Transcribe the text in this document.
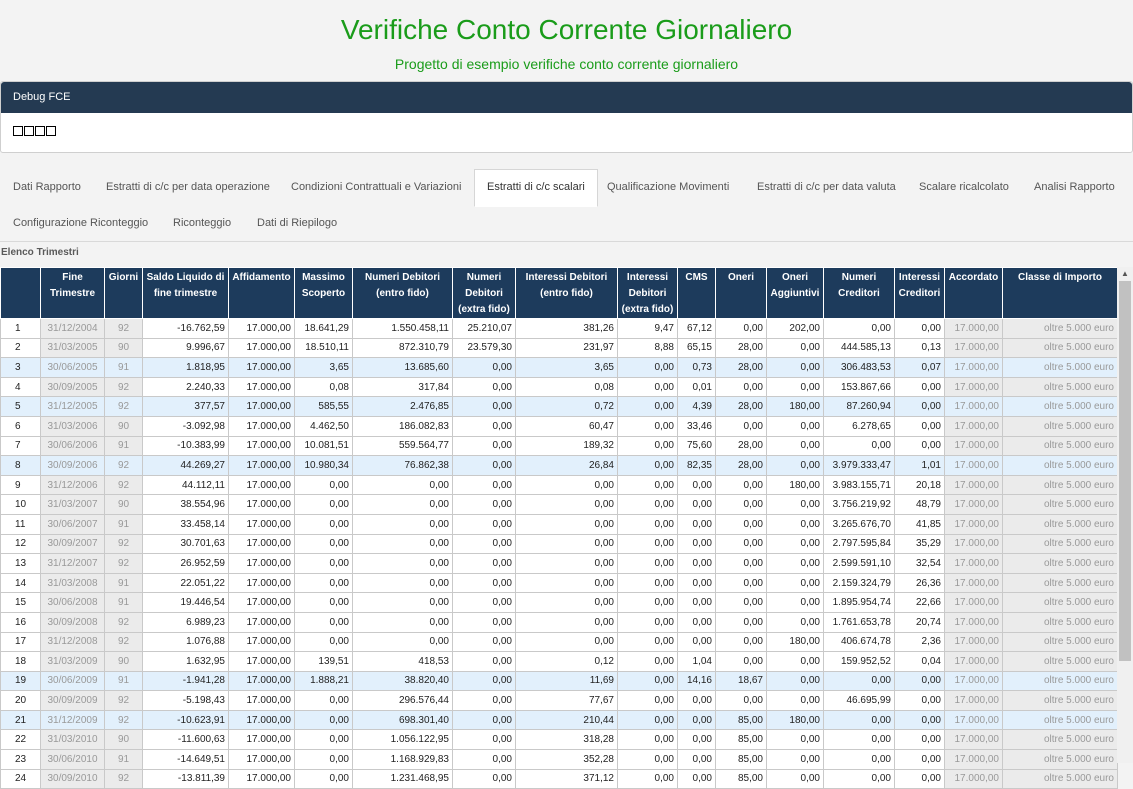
Verifiche Conto Corrente Giornaliero
Progetto di esempio verifiche conto corrente giornaliero
Debug FCE
Dati Rapporto Estratti di c/c per data operazione Condizioni Contrattuali e Variazioni	Estratti di c/c scalari	Qualificazione Movimenti	Estratti di c/c per data valuta Scalare ricalcolato Analisi Rapporto
Configurazione Riconteggio Riconteggio Dati di Riepilogo
Elenco Trimestri
	Fine Trimestre	Giorni	Saldo Liquido di fine trimestre	Affidamento	Massimo Scoperto	Numeri Debitori (entro fido)	Numeri Debitori (extra fido)	Interessi Debitori (entro fido)	Interessi Debitori (extra fido)	CMS	Oneri	Oneri Aggiuntivi	Numeri Creditori	Interessi Creditori	Accordato	Classe di Importo
1	31/12/2004	92	-16.762,59	17.000,00	18.641,29	1.550.458,11	25.210,07	381,26	9,47	67,12	0,00	202,00	0,00	0,00	17.000,00	oltre 5.000 euro
2	31/03/2005	90	9.996,67	17.000,00	18.510,11	872.310,79	23.579,30	231,97	8,88	65,15	28,00	0,00	444.585,13	0,13	17.000,00	oltre 5.000 euro
3	30/06/2005	91	1.818,95	17.000,00	3,65	13.685,60	0,00	3,65	0,00	0,73	28,00	0,00	306.483,53	0,07	17.000,00	oltre 5.000 euro
4	30/09/2005	92	2.240,33	17.000,00	0,08	317,84	0,00	0,08	0,00	0,01	0,00	0,00	153.867,66	0,00	17.000,00	oltre 5.000 euro
5	31/12/2005	92	377,57	17.000,00	585,55	2.476,85	0,00	0,72	0,00	4,39	28,00	180,00	87.260,94	0,00	17.000,00	oltre 5.000 euro
6	31/03/2006	90	-3.092,98	17.000,00	4.462,50	186.082,83	0,00	60,47	0,00	33,46	0,00	0,00	6.278,65	0,00	17.000,00	oltre 5.000 euro
7	30/06/2006	91	-10.383,99	17.000,00	10.081,51	559.564,77	0,00	189,32	0,00	75,60	28,00	0,00	0,00	0,00	17.000,00	oltre 5.000 euro
8	30/09/2006	92	44.269,27	17.000,00	10.980,34	76.862,38	0,00	26,84	0,00	82,35	28,00	0,00	3.979.333,47	1,01	17.000,00	oltre 5.000 euro
9	31/12/2006	92	44.112,11	17.000,00	0,00	0,00	0,00	0,00	0,00	0,00	0,00	180,00	3.983.155,71	20,18	17.000,00	oltre 5.000 euro
10	31/03/2007	90	38.554,96	17.000,00	0,00	0,00	0,00	0,00	0,00	0,00	0,00	0,00	3.756.219,92	48,79	17.000,00	oltre 5.000 euro
11	30/06/2007	91	33.458,14	17.000,00	0,00	0,00	0,00	0,00	0,00	0,00	0,00	0,00	3.265.676,70	41,85	17.000,00	oltre 5.000 euro
12	30/09/2007	92	30.701,63	17.000,00	0,00	0,00	0,00	0,00	0,00	0,00	0,00	0,00	2.797.595,84	35,29	17.000,00	oltre 5.000 euro
13	31/12/2007	92	26.952,59	17.000,00	0,00	0,00	0,00	0,00	0,00	0,00	0,00	0,00	2.599.591,10	32,54	17.000,00	oltre 5.000 euro
14	31/03/2008	91	22.051,22	17.000,00	0,00	0,00	0,00	0,00	0,00	0,00	0,00	0,00	2.159.324,79	26,36	17.000,00	oltre 5.000 euro
15	30/06/2008	91	19.446,54	17.000,00	0,00	0,00	0,00	0,00	0,00	0,00	0,00	0,00	1.895.954,74	22,66	17.000,00	oltre 5.000 euro
16	30/09/2008	92	6.989,23	17.000,00	0,00	0,00	0,00	0,00	0,00	0,00	0,00	0,00	1.761.653,78	20,74	17.000,00	oltre 5.000 euro
17	31/12/2008	92	1.076,88	17.000,00	0,00	0,00	0,00	0,00	0,00	0,00	0,00	180,00	406.674,78	2,36	17.000,00	oltre 5.000 euro
18	31/03/2009	90	1.632,95	17.000,00	139,51	418,53	0,00	0,12	0,00	1,04	0,00	0,00	159.952,52	0,04	17.000,00	oltre 5.000 euro
19	30/06/2009	91	-1.941,28	17.000,00	1.888,21	38.820,40	0,00	11,69	0,00	14,16	18,67	0,00	0,00	0,00	17.000,00	oltre 5.000 euro
20	30/09/2009	92	-5.198,43	17.000,00	0,00	296.576,44	0,00	77,67	0,00	0,00	0,00	0,00	46.695,99	0,00	17.000,00	oltre 5.000 euro
21	31/12/2009	92	-10.623,91	17.000,00	0,00	698.301,40	0,00	210,44	0,00	0,00	85,00	180,00	0,00	0,00	17.000,00	oltre 5.000 euro
22	31/03/2010	90	-11.600,63	17.000,00	0,00	1.056.122,95	0,00	318,28	0,00	0,00	85,00	0,00	0,00	0,00	17.000,00	oltre 5.000 euro
23	30/06/2010	91	-14.649,51	17.000,00	0,00	1.168.929,83	0,00	352,28	0,00	0,00	85,00	0,00	0,00	0,00	17.000,00	oltre 5.000 euro
24	30/09/2010	92	-13.811,39	17.000,00	0,00	1.231.468,95	0,00	371,12	0,00	0,00	85,00	0,00	0,00	0,00	17.000,00	oltre 5.000 euro
▲
